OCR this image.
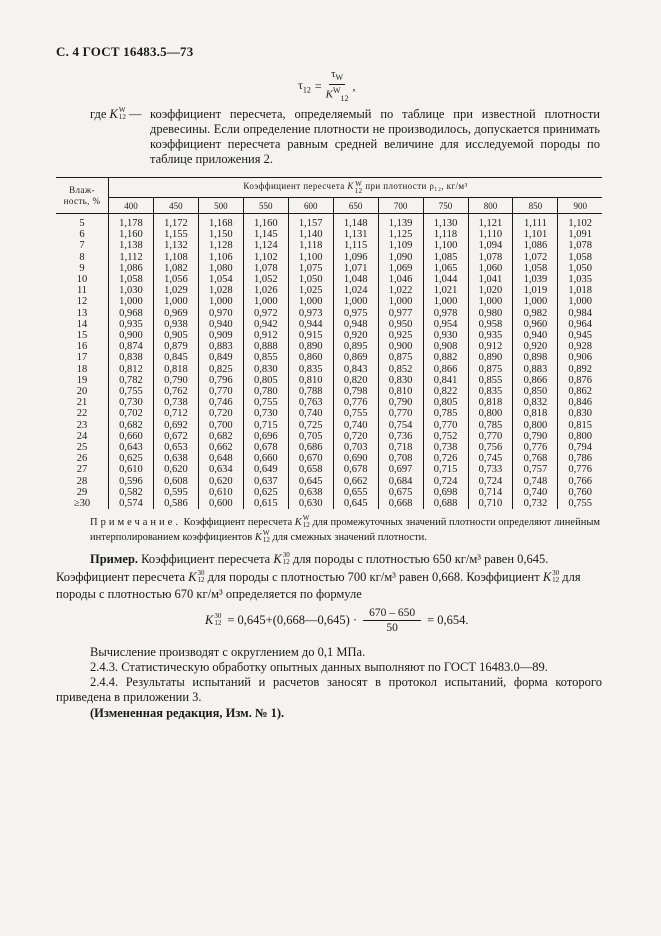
С. 4 ГОСТ 16483.5—73
$\tau_{12} = \frac{\tau_W}{K^W_{12}}$ ,
где K W
12 — коэффициент пересчета, определяемый по таблице при известной плотности древесины. Если определение плотности не производилось, допускается принимать коэффициент пересчета равным средней величине для исследуемой породы по таблице приложения 2.
Влаж-
ность, %	Коэффициент пересчета K W
12 при плотности ρ₁₂, кг/м³										
	400	450	500	550	600	650	700	750	800	850	900
5	1,178	1,172	1,168	1,160	1,157	1,148	1,139	1,130	1,121	1,111	1,102
6	1,160	1,155	1,150	1,145	1,140	1,131	1,125	1,118	1,110	1,101	1,091
7	1,138	1,132	1,128	1,124	1,118	1,115	1,109	1,100	1,094	1,086	1,078
8	1,112	1,108	1,106	1,102	1,100	1,096	1,090	1,085	1,078	1,072	1,058
9	1,086	1,082	1,080	1,078	1,075	1,071	1,069	1,065	1,060	1,058	1,050
10	1,058	1,056	1,054	1,052	1,050	1,048	1,046	1,044	1,041	1,039	1,035
11	1,030	1,029	1,028	1,026	1,025	1,024	1,022	1,021	1,020	1,019	1,018
12	1,000	1,000	1,000	1,000	1,000	1,000	1,000	1,000	1,000	1,000	1,000
13	0,968	0,969	0,970	0,972	0,973	0,975	0,977	0,978	0,980	0,982	0,984
14	0,935	0,938	0,940	0,942	0,944	0,948	0,950	0,954	0,958	0,960	0,964
15	0,900	0,905	0,909	0,912	0,915	0,920	0,925	0,930	0,935	0,940	0,945
16	0,874	0,879	0,883	0,888	0,890	0,895	0,900	0,908	0,912	0,920	0,928
17	0,838	0,845	0,849	0,855	0,860	0,869	0,875	0,882	0,890	0,898	0,906
18	0,812	0,818	0,825	0,830	0,835	0,843	0,852	0,866	0,875	0,883	0,892
19	0,782	0,790	0,796	0,805	0,810	0,820	0,830	0,841	0,855	0,866	0,876
20	0,755	0,762	0,770	0,780	0,788	0,798	0,810	0,822	0,835	0,850	0,862
21	0,730	0,738	0,746	0,755	0,763	0,776	0,790	0,805	0,818	0,832	0,846
22	0,702	0,712	0,720	0,730	0,740	0,755	0,770	0,785	0,800	0,818	0,830
23	0,682	0,692	0,700	0,715	0,725	0,740	0,754	0,770	0,785	0,800	0,815
24	0,660	0,672	0,682	0,696	0,705	0,720	0,736	0,752	0,770	0,790	0,800
25	0,643	0,653	0,662	0,678	0,686	0,703	0,718	0,738	0,756	0,776	0,794
26	0,625	0,638	0,648	0,660	0,670	0,690	0,708	0,726	0,745	0,768	0,786
27	0,610	0,620	0,634	0,649	0,658	0,678	0,697	0,715	0,733	0,757	0,776
28	0,596	0,608	0,620	0,637	0,645	0,662	0,684	0,724	0,724	0,748	0,766
29	0,582	0,595	0,610	0,625	0,638	0,655	0,675	0,698	0,714	0,740	0,760
≥30	0,574	0,586	0,600	0,615	0,630	0,645	0,668	0,688	0,710	0,732	0,755
Примечание. Коэффициент пересчета K W
12 для промежуточных значений плотности определяют линейным интерполированием коэффициентов K W
12 для смежных значений плотности.
Пример. Коэффициент пересчета K 30
12 для породы с плотностью 650 кг/м³ равен 0,645.
Коэффициент пересчета K 30
12 для породы с плотностью 700 кг/м³ равен 0,668. Коэффициент K 30
12 для
породы с плотностью 670 кг/м³ определяется по формуле
K 30
12 = 0,645+(0,668—0,645) · $\frac{670 - 650}{50} = 0,654$.
Вычисление производят с округлением до 0,1 МПа.
2.4.3. Статистическую обработку опытных данных выполняют по ГОСТ 16483.0—89.
2.4.4. Результаты испытаний и расчетов заносят в протокол испытаний, форма которого приведена в приложении 3.
(Измененная редакция, Изм. № 1).
